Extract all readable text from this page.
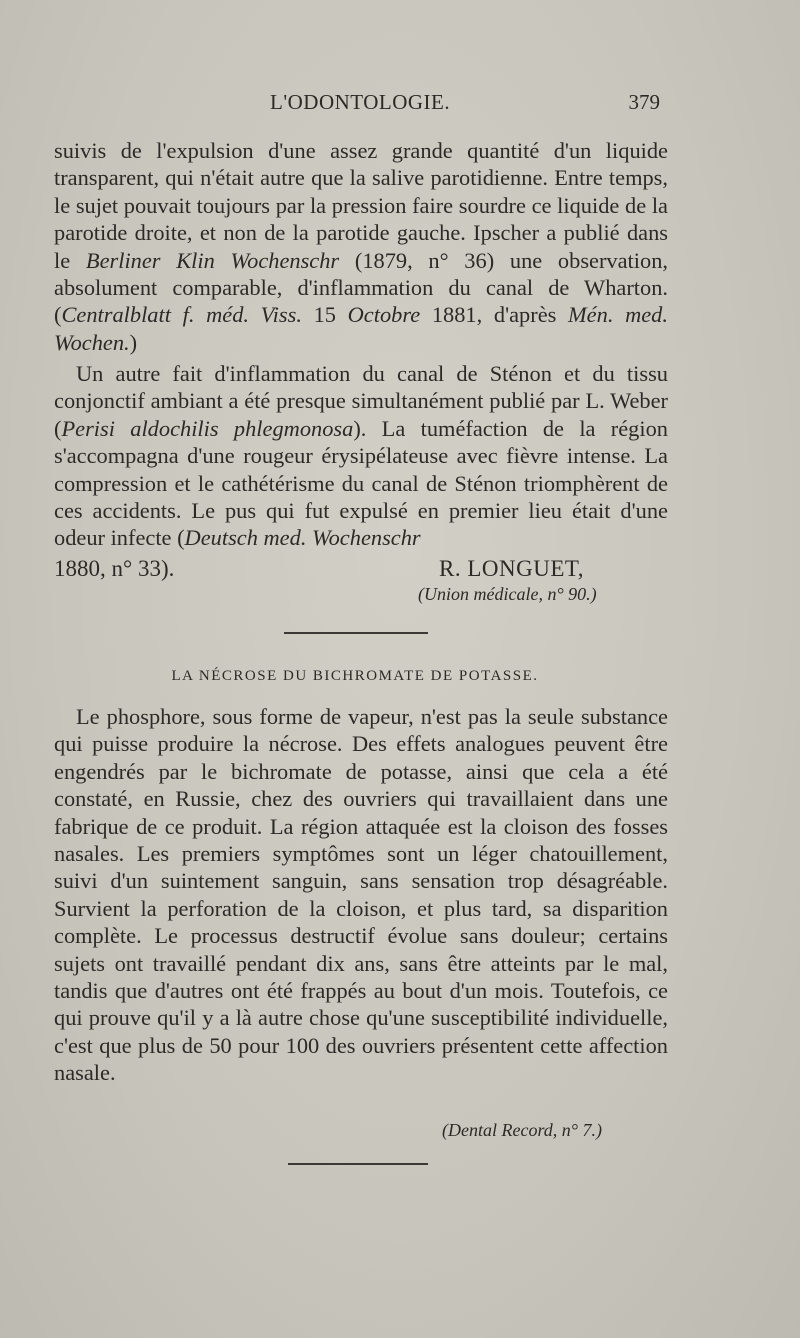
L'ODONTOLOGIE.	379

suivis de l'expulsion d'une assez grande quantité d'un liquide transparent, qui n'était autre que la salive parotidienne. Entre temps, le sujet pouvait toujours par la pression faire sourdre ce liquide de la parotide droite, et non de la parotide gauche. Ipscher a publié dans le Berliner Klin Wochenschr (1879, n° 36) une observation, absolument comparable, d'inflammation du canal de Wharton. (Centralblatt f. méd. Viss. 15 Octobre 1881, d'après Mén. med. Wochen.)

Un autre fait d'inflammation du canal de Sténon et du tissu conjonctif ambiant a été presque simultanément publié par L. Weber (Perisi aldochilis phlegmonosa). La tuméfaction de la région s'accompagna d'une rougeur érysipélateuse avec fièvre intense. La compression et le cathétérisme du canal de Sténon triomphèrent de ces accidents. Le pus qui fut expulsé en premier lieu était d'une odeur infecte (Deutsch med. Wochenschr

1880, n° 33).	R. LONGUET,
(Union médicale, n° 90.)
LA NÉCROSE DU BICHROMATE DE POTASSE.

Le phosphore, sous forme de vapeur, n'est pas la seule substance qui puisse produire la nécrose. Des effets analogues peuvent être engendrés par le bichromate de potasse, ainsi que cela a été constaté, en Russie, chez des ouvriers qui travaillaient dans une fabrique de ce produit. La région attaquée est la cloison des fosses nasales. Les premiers symptômes sont un léger chatouillement, suivi d'un suintement sanguin, sans sensation trop désagréable. Survient la perforation de la cloison, et plus tard, sa disparition complète. Le processus destructif évolue sans douleur; certains sujets ont travaillé pendant dix ans, sans être atteints par le mal, tandis que d'autres ont été frappés au bout d'un mois. Toutefois, ce qui prouve qu'il y a là autre chose qu'une susceptibilité individuelle, c'est que plus de 50 pour 100 des ouvriers présentent cette affection nasale.

(Dental Record, n° 7.)
